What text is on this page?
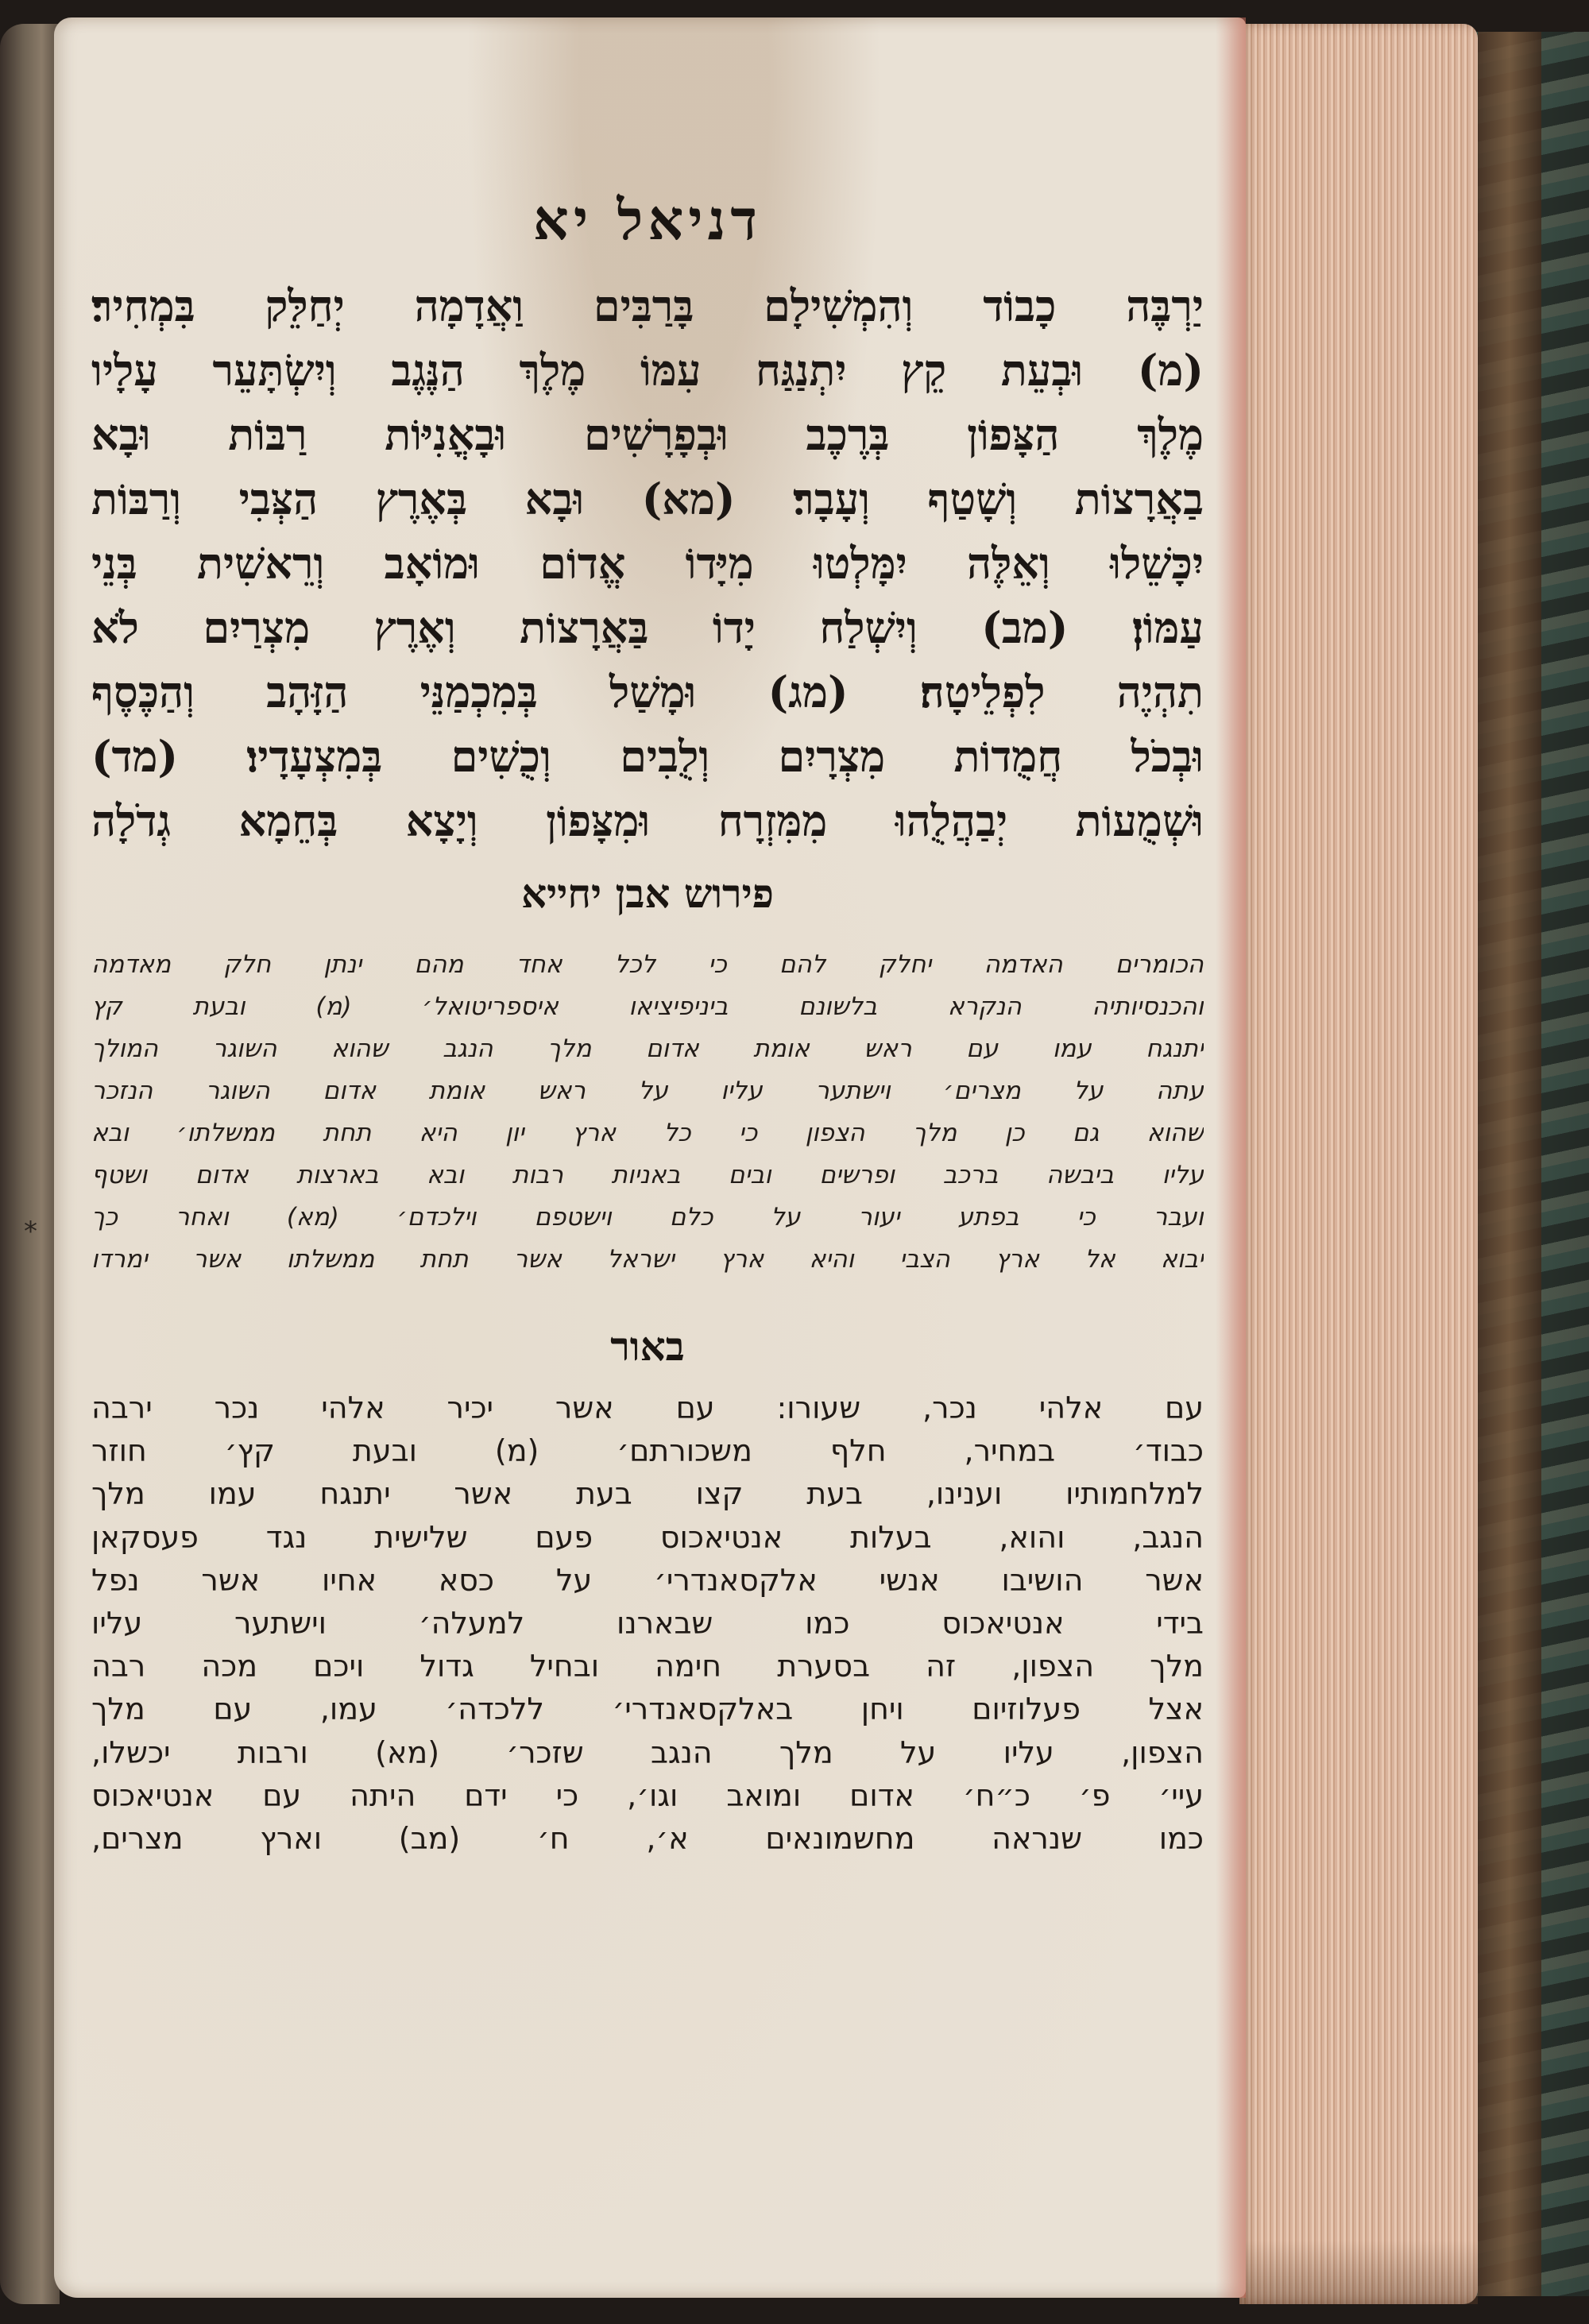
דניאל יא
יַרְבֶּה כָבוֹד וְהִמְשִׁילָם בָּרַבִּים וַאֲדָמָה יְחַלֵּק בִּמְחִיר׃
(מ) וּבְעֵת קֵץ יִתְנַגַּח עִמּוֹ מֶלֶךְ הַנֶּגֶב וְיִשְׂתָּעֵר עָלָיו
מֶלֶךְ הַצָּפוֹן בְּרֶכֶב וּבְפָרָשִׁים וּבָאֳנִיּוֹת רַבּוֹת וּבָא
בַאֲרָצוֹת וְשָׁטַף וְעָבָר׃ (מא) וּבָא בְּאֶרֶץ הַצְּבִי וְרַבּוֹת
יִכָּשֵׁלוּ וְאֵלֶּה יִמָּלְטוּ מִיָּדוֹ אֱדוֹם וּמוֹאָב וְרֵאשִׁית בְּנֵי
עַמּוֹן׃ (מב) וְיִשְׁלַח יָדוֹ בַּאֲרָצוֹת וְאֶרֶץ מִצְרַיִם לֹא
תִהְיֶה לִפְלֵיטָה׃ (מג) וּמָשַׁל בְּמִכְמַנֵּי הַזָּהָב וְהַכֶּסֶף
וּבְכֹל חֲמֻדוֹת מִצְרָיִם וְלֻבִים וְכֻשִׁים בְּמִצְעָדָיו׃ (מד)
וּשְׁמֻעוֹת יְבַהֲלֻהוּ מִמִּזְרָח וּמִצָּפוֹן וְיָצָא בְּחֵמָא גְדֹלָה
פירוש אבן יחייא
הכומרים האדמה יחלק להם כי לכל אחד מהם ינתן חלק מאדמה
והכנסיותיה הנקרא בלשונם ביניפיציאו איספריטואל׳ (מ) ובעת קץ
יתנגח עמו עם ראש אומת אדום מלך הנגב שהוא השוגר המולך
עתה על מצרים׳ וישתער עליו על ראש אומת אדום השוגר הנזכר
שהוא גם כן מלך הצפון כי כל ארץ יון היא תחת ממשלתו׳ ובא
עליו ביבשה ברכב ופרשים ובים באניות רבות ובא בארצות אדום ושטף
ועבר כי בפתע יעור על כלם וישטפם וילכדם׳ (מא) ואחר כך
יבוא אל ארץ הצבי והיא ארץ ישראל אשר תחת ממשלתו אשר ימרדו
באור
עם אלהי נכר, שעורו: עם אשר יכיר אלהי נכר ירבה
כבוד׳ במחיר, חלף משכורתם׳ (מ) ובעת קץ׳ חוזר
למלחמותיו וענינו, בעת קצו בעת אשר יתנגח עמו מלך
הנגב, והוא, בעלות אנטיאכוס פעם שלישית נגד פעסקאן
אשר הושיבו אנשי אלקסאנדרי׳ על כסא אחיו אשר נפל
בידי אנטיאכוס כמו שבארנו למעלה׳ וישתער עליו
מלך הצפון, זה בסערת חימה ובחיל גדול ויכם מכה רבה
אצל פעלוזיום ויחן באלקסאנדרי׳ ללכדה׳ עמו, עם מלך
הצפון, עליו על מלך הנגב שזכר׳ (מא) ורבות יכשלו,
עיי׳ פ׳ כ״ח׳ אדום ומואב וגו׳, כי ידם היתה עם אנטיאכוס
כמו שנראה מחשמונאים א׳, ח׳ (מב) וארץ מצרים,
*
